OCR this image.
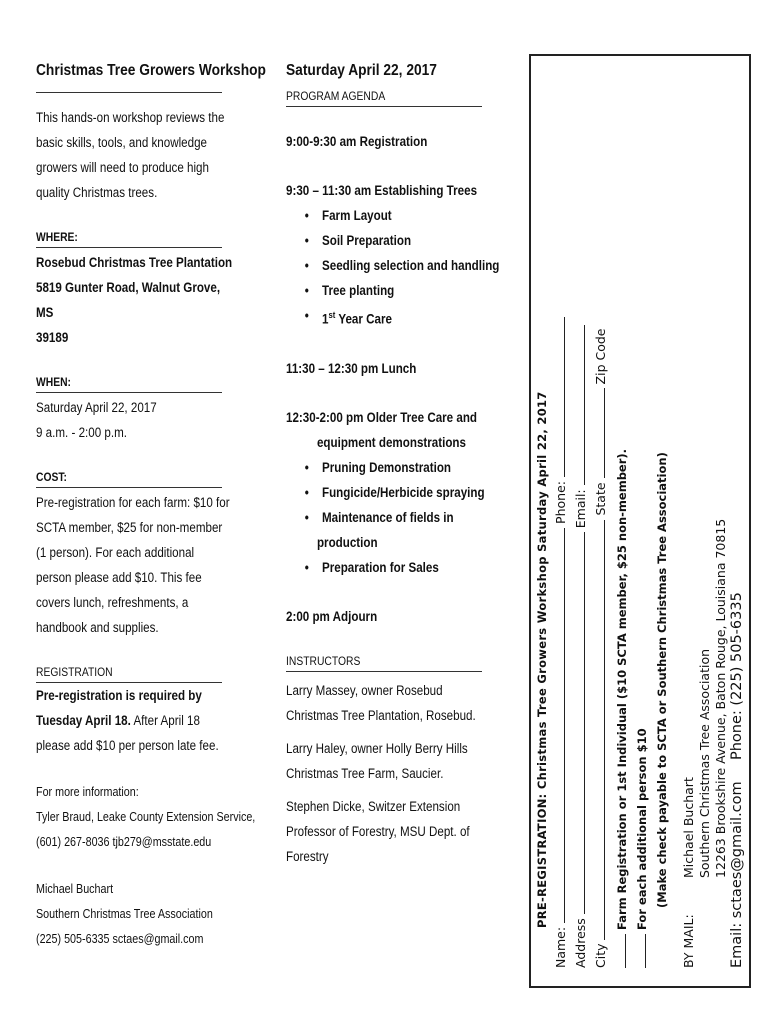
Christmas Tree Growers Workshop
This hands-on workshop reviews the basic skills, tools, and knowledge growers will need to produce high quality Christmas trees.
WHERE:
Rosebud Christmas Tree Plantation
5819 Gunter Road, Walnut Grove, MS
39189
WHEN:
Saturday April 22, 2017
9 a.m. - 2:00 p.m.
COST:
Pre-registration for each farm: $10 for SCTA member, $25 for non-member (1 person). For each additional person please add $10. This fee covers lunch, refreshments, a handbook and supplies.
REGISTRATION
Pre-registration is required by Tuesday April 18. After April 18 please add $10 per person late fee.
For more information:
Tyler Braud, Leake County Extension Service,
(601) 267-8036 tjb279@msstate.edu
Michael Buchart
Southern Christmas Tree Association
(225) 505-6335 sctaes@gmail.com
Saturday April 22, 2017
PROGRAM AGENDA
9:00-9:30 am Registration
9:30 – 11:30 am Establishing Trees
• Farm Layout
• Soil Preparation
• Seedling selection and handling
• Tree planting
• 1st Year Care
11:30 – 12:30 pm Lunch
12:30-2:00 pm Older Tree Care and
equipment demonstrations
• Pruning Demonstration
• Fungicide/Herbicide spraying
• Maintenance of fields in
production
• Preparation for Sales
2:00 pm Adjourn
INSTRUCTORS
Larry Massey, owner Rosebud Christmas Tree Plantation, Rosebud.
Larry Haley, owner Holly Berry Hills Christmas Tree Farm, Saucier.
Stephen Dicke, Switzer Extension Professor of Forestry, MSU Dept. of Forestry	PRE-REGISTRATION: Christmas Tree Growers Workshop Saturday April 22, 2017
Name:  Phone:
Address  Email:
City  State  Zip Code
Farm Registration or 1st Individual ($10 SCTA member, $25 non-member). For each additional person $10 (Make check payable to SCTA or Southern Christmas Tree Association)
BY MAIL:
Michael Buchart Southern Christmas Tree Association 12263 Brookshire Avenue, Baton Rouge, Louisiana 70815 Email: sctaes@gmail.com
Phone: (225) 505-6335
